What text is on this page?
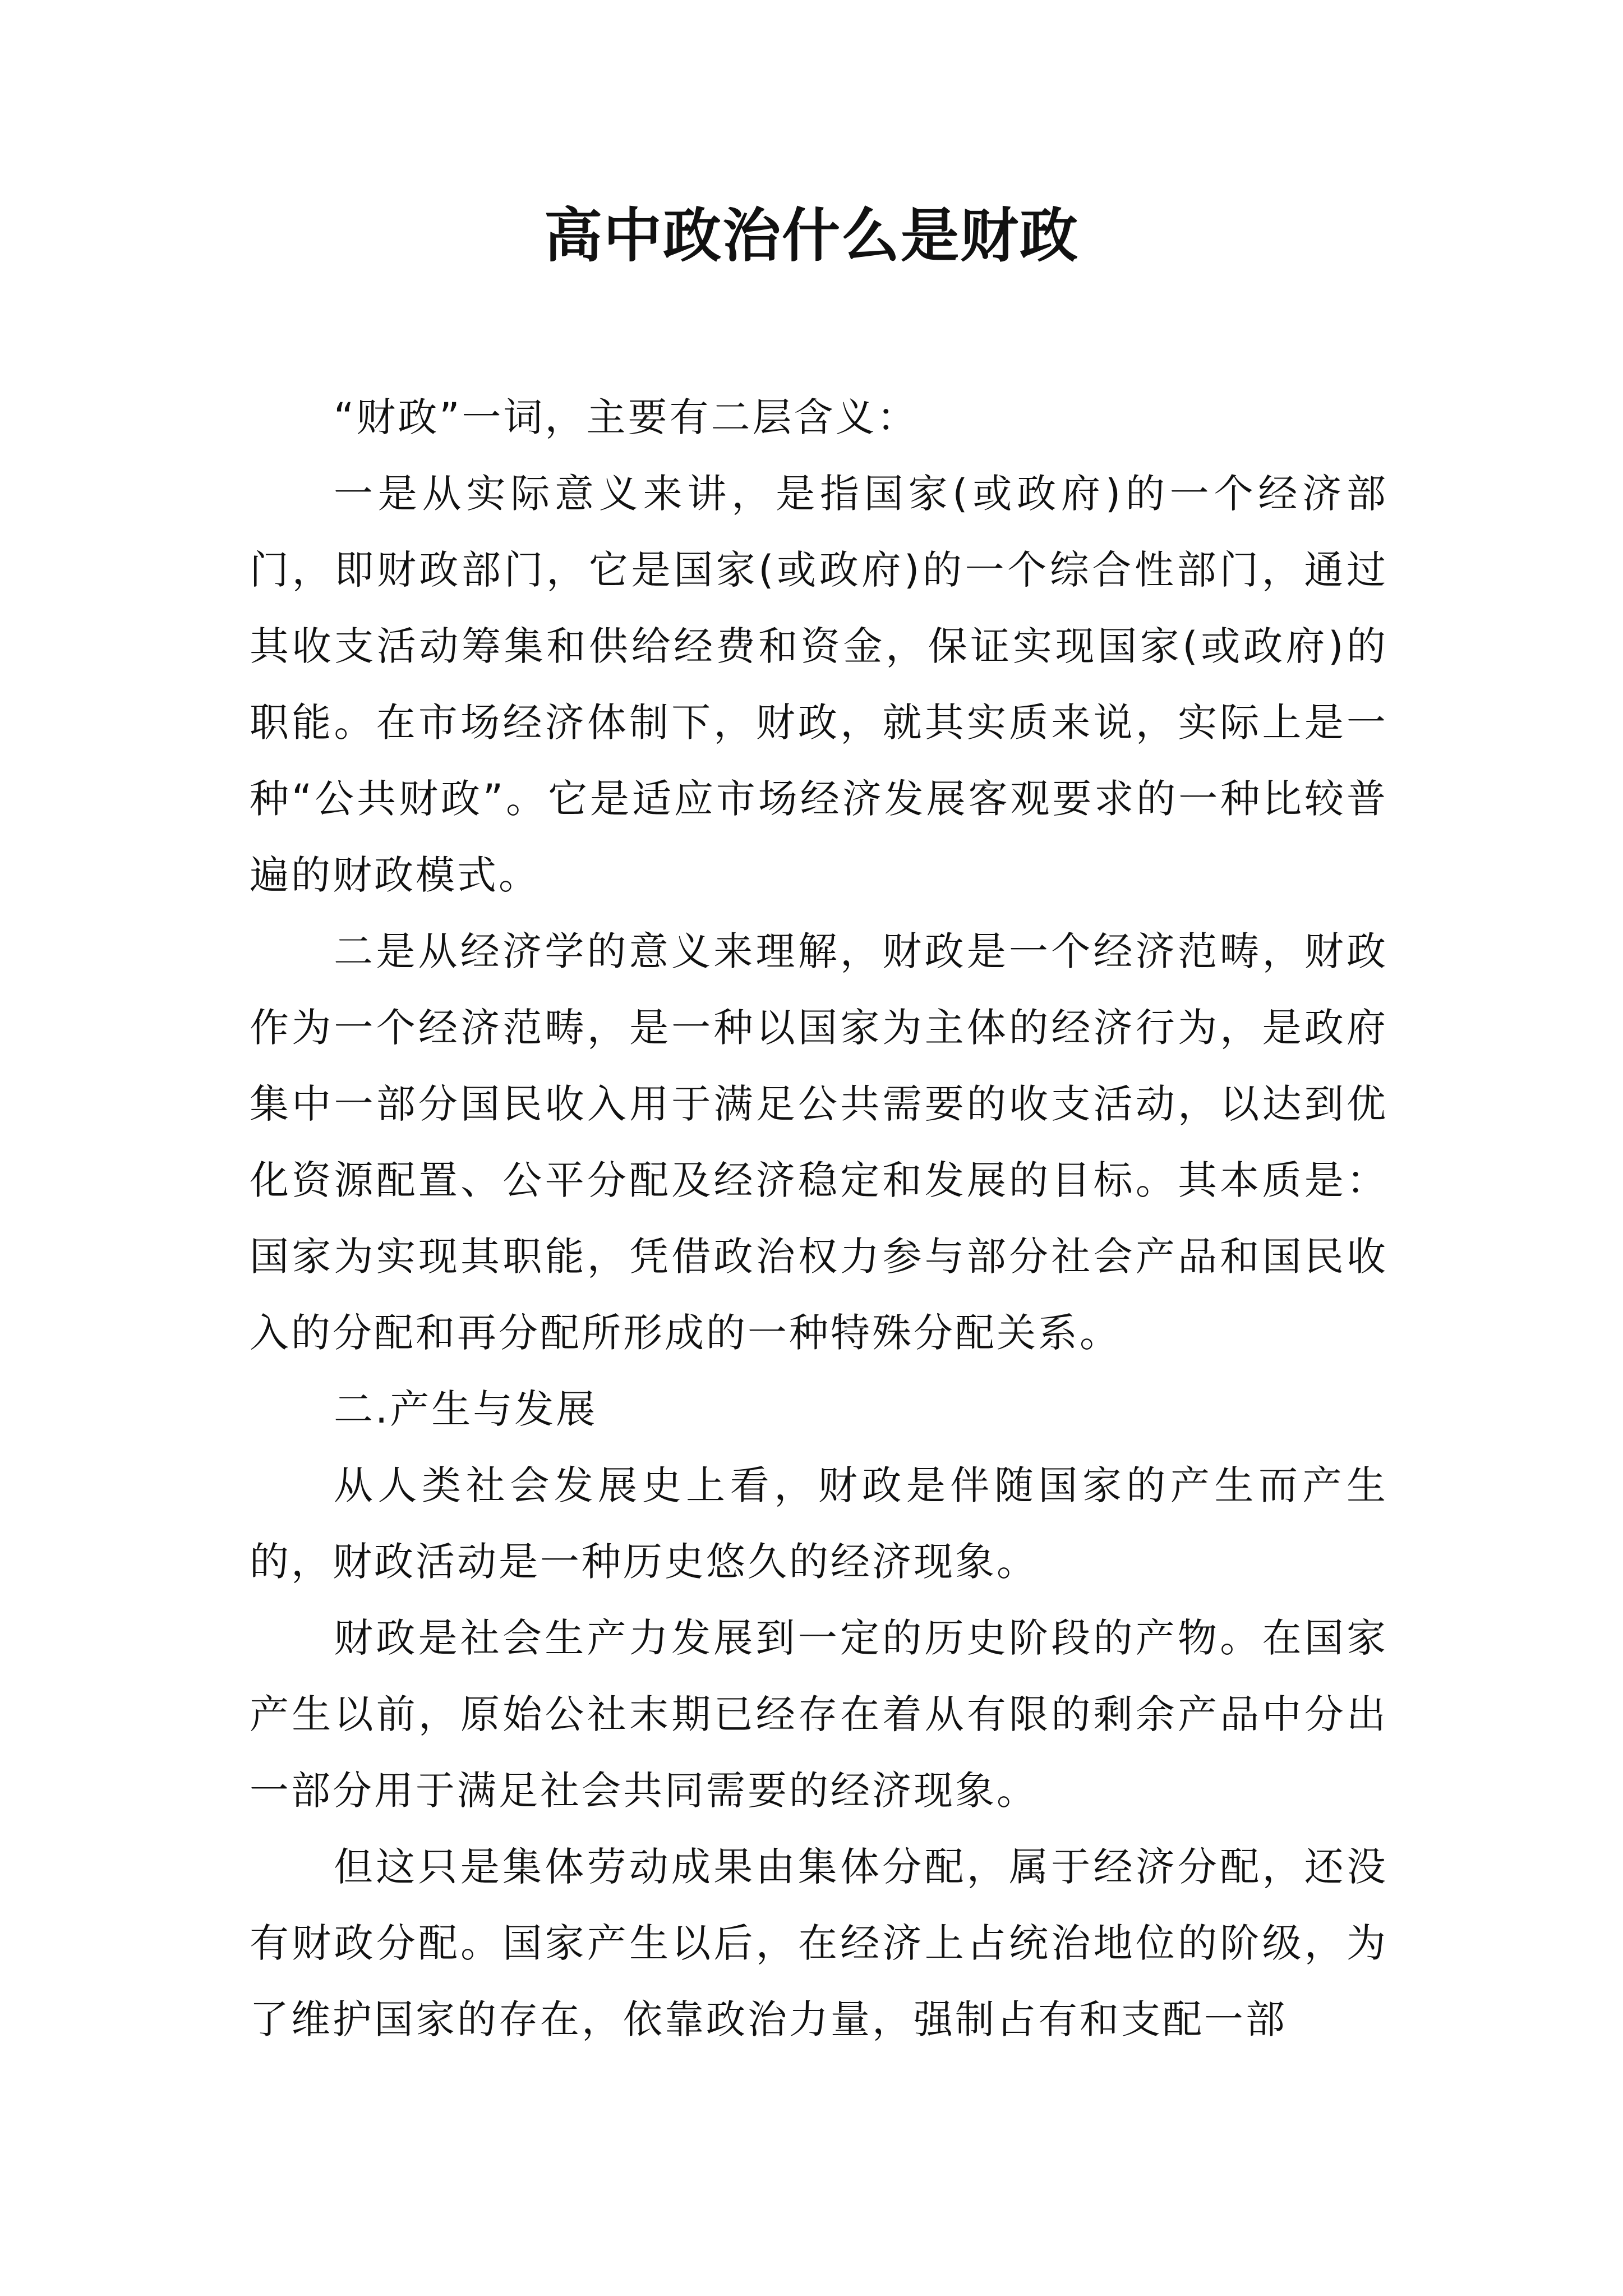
高中政治什么是财政

“财政”一词，主要有二层含义：

一是从实际意义来讲，是指国家(或政府)的一个经济部门，即财政部门，它是国家(或政府)的一个综合性部门，通过其收支活动筹集和供给经费和资金，保证实现国家(或政府)的职能。在市场经济体制下，财政，就其实质来说，实际上是一种“公共财政”。它是适应市场经济发展客观要求的一种比较普遍的财政模式。

二是从经济学的意义来理解，财政是一个经济范畴，财政作为一个经济范畴，是一种以国家为主体的经济行为，是政府集中一部分国民收入用于满足公共需要的收支活动，以达到优化资源配置、公平分配及经济稳定和发展的目标。其本质是：国家为实现其职能，凭借政治权力参与部分社会产品和国民收入的分配和再分配所形成的一种特殊分配关系。

二.产生与发展

从人类社会发展史上看，财政是伴随国家的产生而产生的，财政活动是一种历史悠久的经济现象。

财政是社会生产力发展到一定的历史阶段的产物。在国家产生以前，原始公社末期已经存在着从有限的剩余产品中分出一部分用于满足社会共同需要的经济现象。

但这只是集体劳动成果由集体分配，属于经济分配，还没有财政分配。国家产生以后，在经济上占统治地位的阶级，为了维护国家的存在，依靠政治力量，强制占有和支配一部
